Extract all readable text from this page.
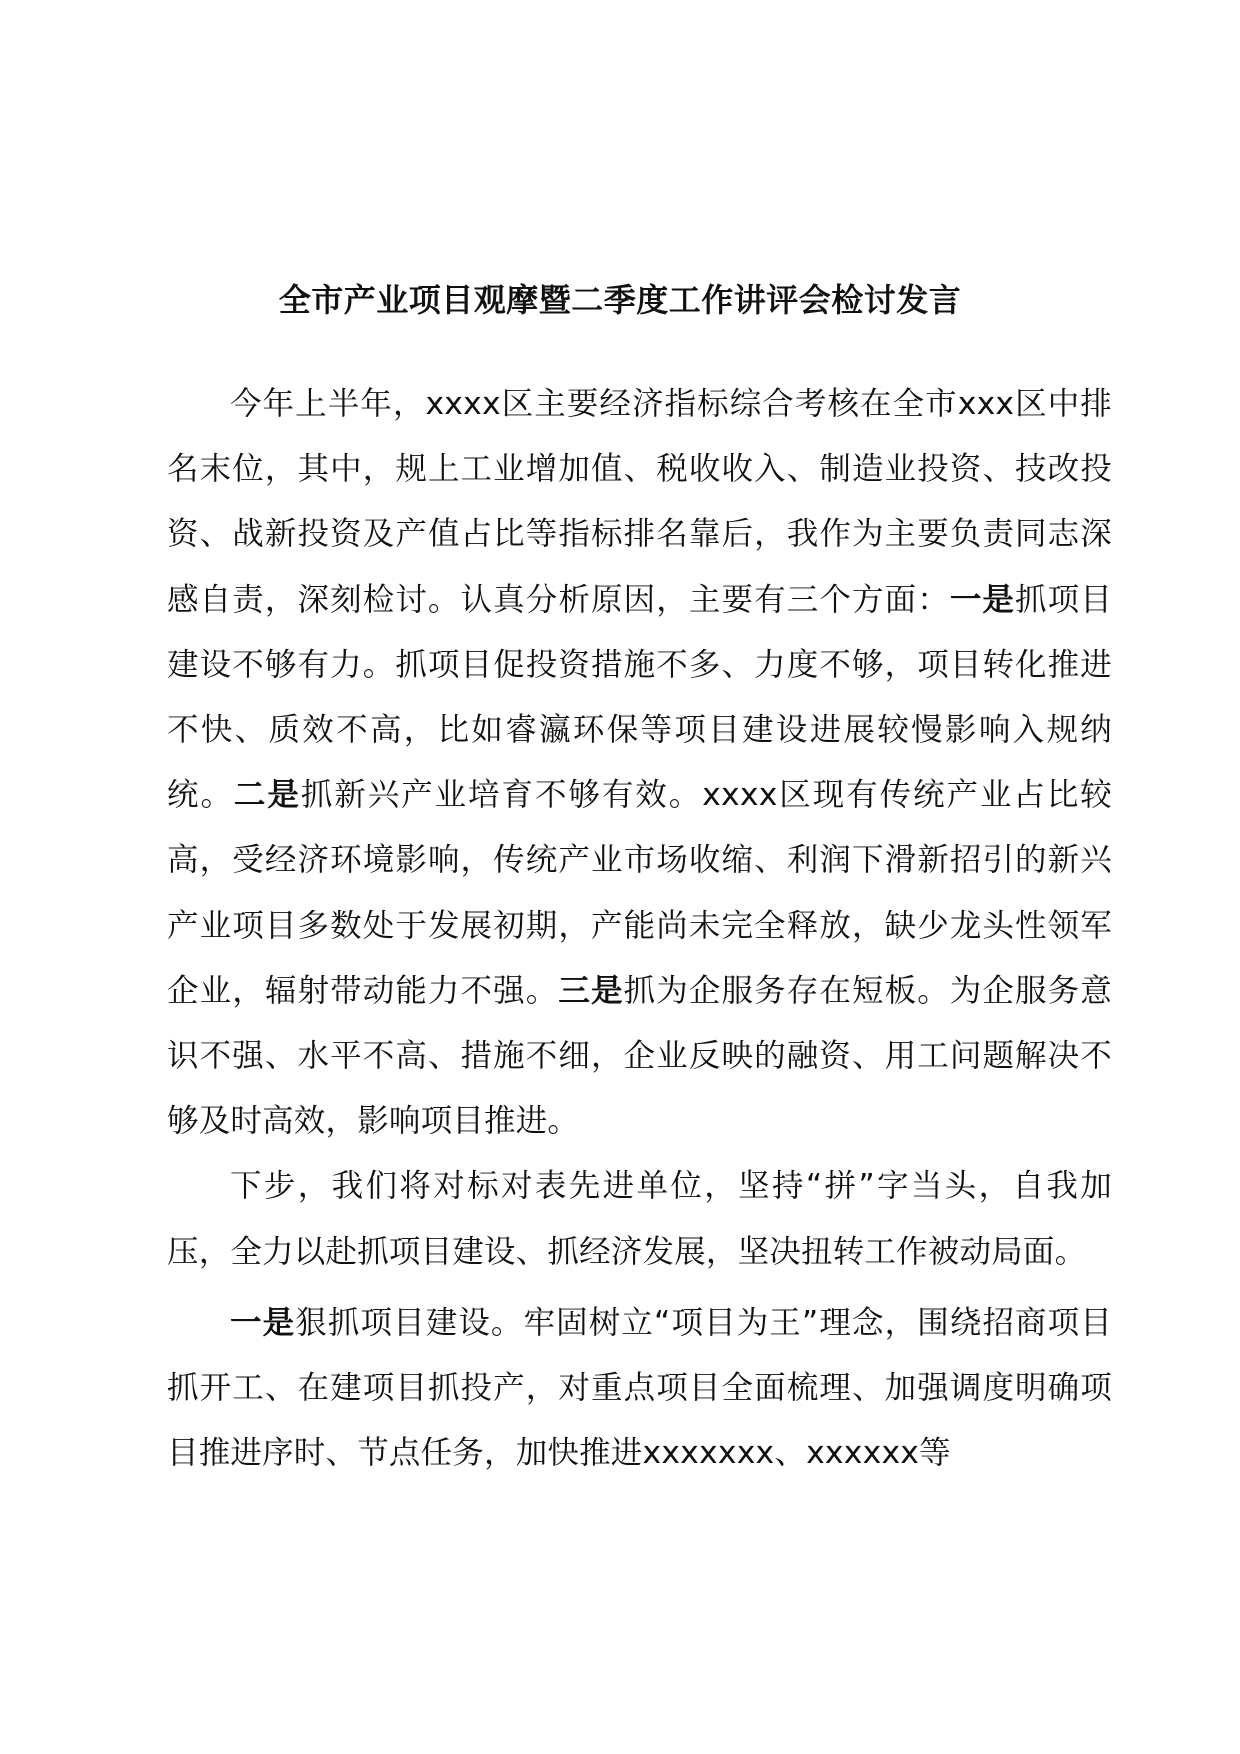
全市产业项目观摩暨二季度工作讲评会检讨发言

今年上半年，xxxx区主要经济指标综合考核在全市xxx区中排名末位，其中，规上工业增加值、税收收入、制造业投资、技改投资、战新投资及产值占比等指标排名靠后，我作为主要负责同志深感自责，深刻检讨。认真分析原因，主要有三个方面：一是抓项目建设不够有力。抓项目促投资措施不多、力度不够，项目转化推进不快、质效不高，比如睿瀛环保等项目建设进展较慢影响入规纳统。二是抓新兴产业培育不够有效。xxxx区现有传统产业占比较高，受经济环境影响，传统产业市场收缩、利润下滑新招引的新兴产业项目多数处于发展初期，产能尚未完全释放，缺少龙头性领军企业，辐射带动能力不强。三是抓为企服务存在短板。为企服务意识不强、水平不高、措施不细，企业反映的融资、用工问题解决不够及时高效，影响项目推进。

下步，我们将对标对表先进单位，坚持“拼”字当头，自我加压，全力以赴抓项目建设、抓经济发展，坚决扭转工作被动局面。

一是狠抓项目建设。牢固树立“项目为王”理念，围绕招商项目抓开工、在建项目抓投产，对重点项目全面梳理、加强调度明确项目推进序时、节点任务，加快推进xxxxxxx、xxxxxx等
